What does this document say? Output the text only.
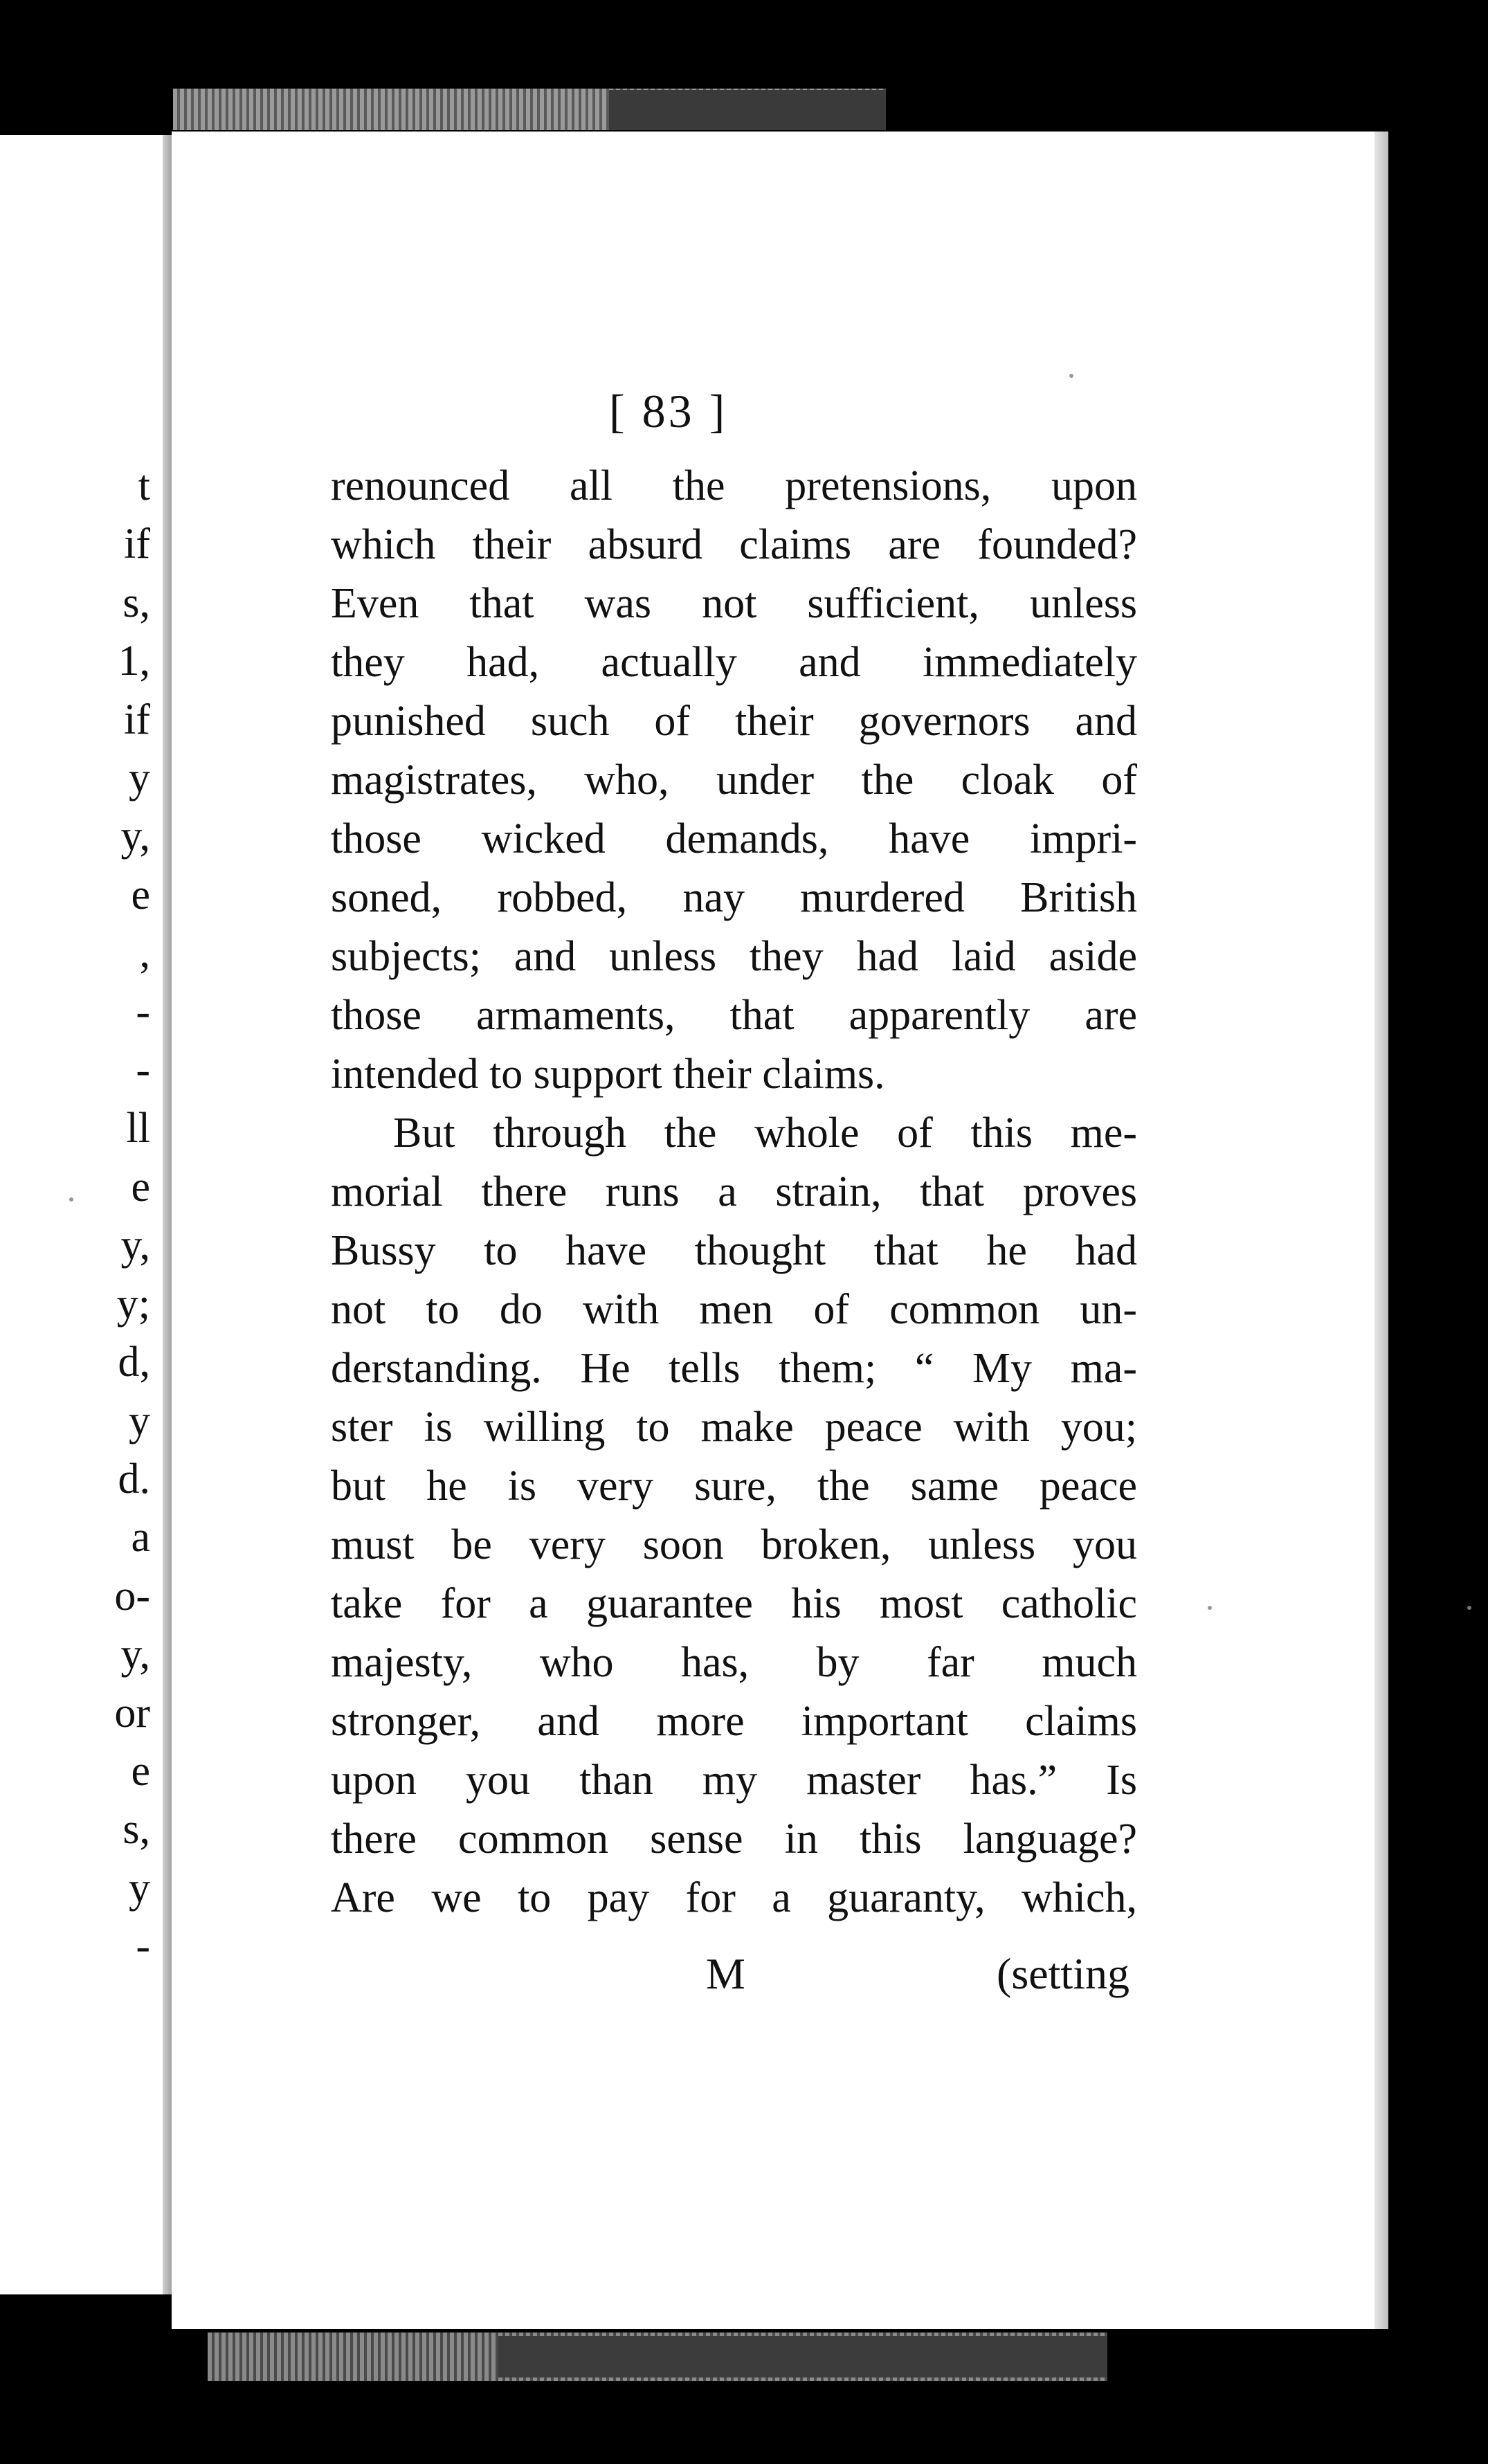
t
if
s,
1,
if
y
y,
e
,
-
-
ll
e
y,
y;
d,
y
d.
a
o-
y,
or
e
s,
y
-
[ 83 ]
renounced all the pretensions, upon
which their absurd claims are founded?
Even that was not sufficient, unless
they had, actually and immediately
punished such of their governors and
magistrates, who, under the cloak of
those wicked demands, have impri-
soned, robbed, nay murdered British
subjects; and unless they had laid aside
those armaments, that apparently are
intended to support their claims.
But through the whole of this me-
morial there runs a strain, that proves
Bussy to have thought that he had
not to do with men of common un-
derstanding. He tells them; “ My ma-
ster is willing to make peace with you;
but he is very sure, the same peace
must be very soon broken, unless you
take for a guarantee his most catholic
majesty, who has, by far much
stronger, and more important claims
upon you than my master has.” Is
there common sense in this language?
Are we to pay for a guaranty, which,
M	(setting
